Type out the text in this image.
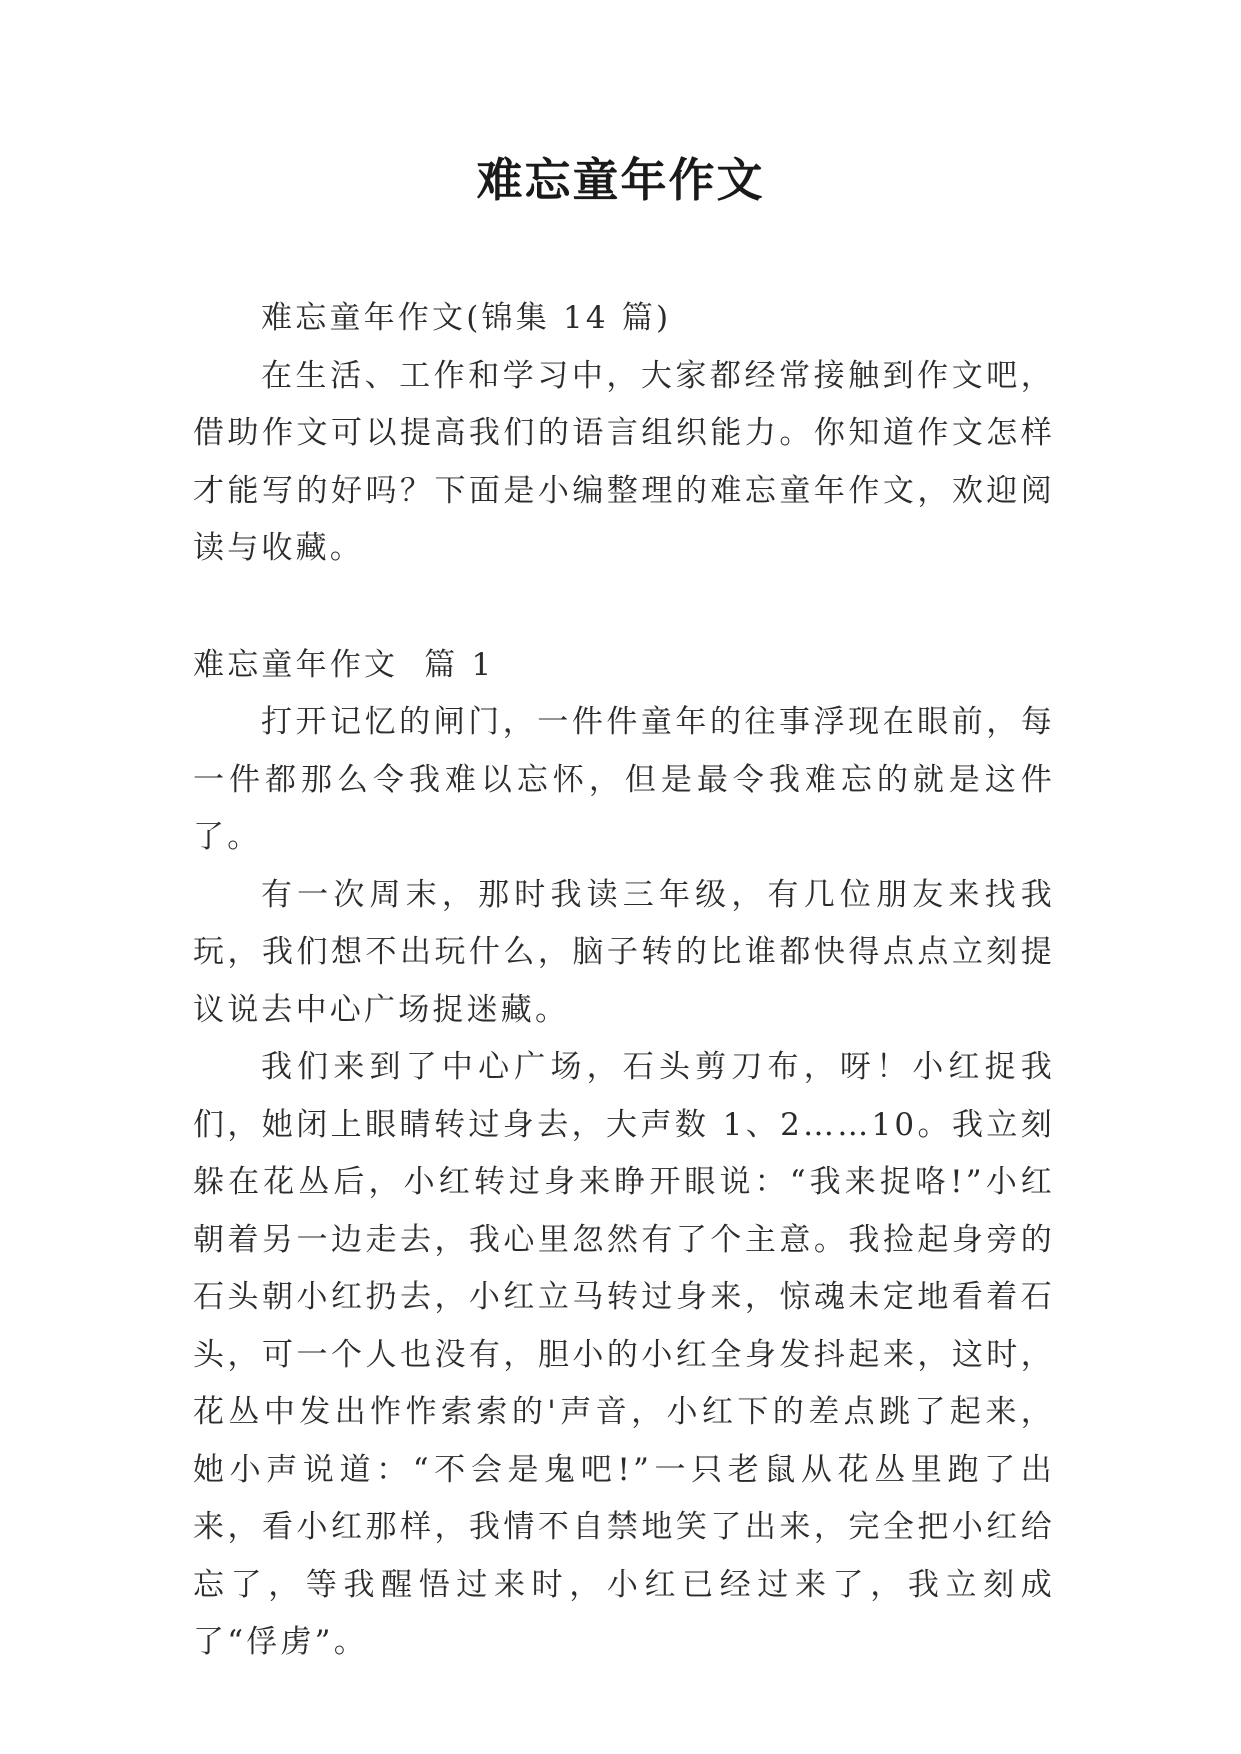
难忘童年作文

难忘童年作文(锦集 14 篇)

在生活、工作和学习中，大家都经常接触到作文吧，借助作文可以提高我们的语言组织能力。你知道作文怎样才能写的好吗？下面是小编整理的难忘童年作文，欢迎阅读与收藏。

难忘童年作文  篇 1

打开记忆的闸门，一件件童年的往事浮现在眼前，每一件都那么令我难以忘怀，但是最令我难忘的就是这件了。

有一次周末，那时我读三年级，有几位朋友来找我玩，我们想不出玩什么，脑子转的比谁都快得点点立刻提议说去中心广场捉迷藏。

我们来到了中心广场，石头剪刀布，呀！小红捉我们，她闭上眼睛转过身去，大声数 1、2……10。我立刻躲在花丛后，小红转过身来睁开眼说：“我来捉咯!”小红朝着另一边走去，我心里忽然有了个主意。我捡起身旁的石头朝小红扔去，小红立马转过身来，惊魂未定地看着石头，可一个人也没有，胆小的小红全身发抖起来，这时，花丛中发出怍怍索索的'声音，小红下的差点跳了起来，她小声说道：“不会是鬼吧!”一只老鼠从花丛里跑了出来，看小红那样，我情不自禁地笑了出来，完全把小红给忘了，等我醒悟过来时，小红已经过来了，我立刻成了“俘虏”。
